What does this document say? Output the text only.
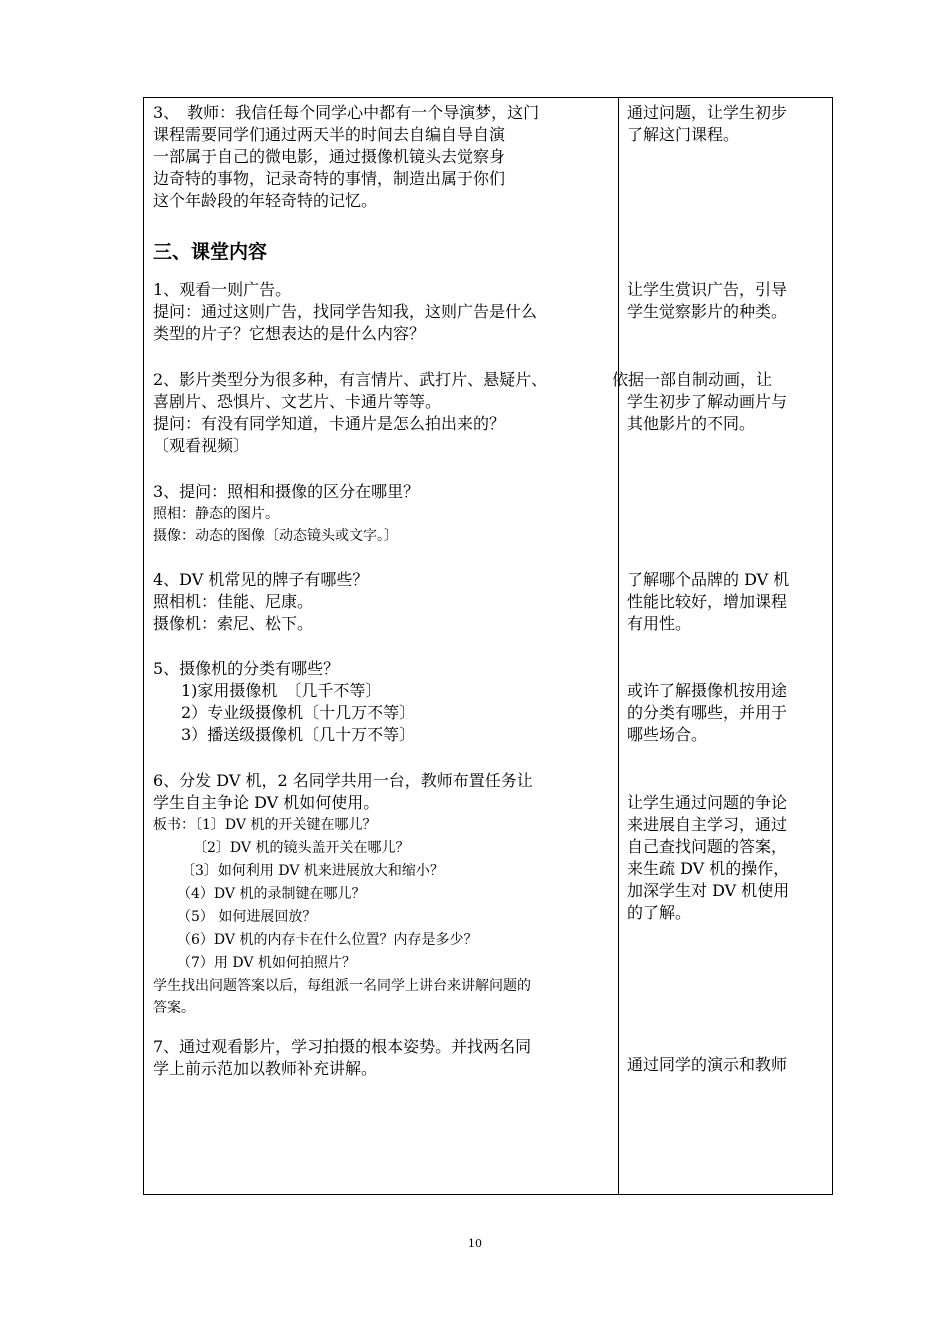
3、　教师：我信任每个同学心中都有一个导演梦，这门
课程需要同学们通过两天半的时间去自编自导自演
一部属于自己的微电影，通过摄像机镜头去觉察身
边奇特的事物，记录奇特的事情，制造出属于你们
这个年龄段的年轻奇特的记忆。
三、课堂内容
1、观看一则广告。
提问：通过这则广告，找同学告知我，这则广告是什么
类型的片子？它想表达的是什么内容？
2、影片类型分为很多种，有言情片、武打片、悬疑片、
喜剧片、恐惧片、文艺片、卡通片等等。
提问：有没有同学知道，卡通片是怎么拍出来的？
〔观看视频〕
3、提问：照相和摄像的区分在哪里？
照相：静态的图片。
摄像：动态的图像〔动态镜头或文字。〕
4、DV 机常见的牌子有哪些？
照相机：佳能、尼康。
摄像机：索尼、松下。
5、摄像机的分类有哪些？
1)家用摄像机　〔几千不等〕
2）专业级摄像机〔十几万不等〕
3）播送级摄像机〔几十万不等〕
6、分发 DV 机，2 名同学共用一台，教师布置任务让
学生自主争论 DV 机如何使用。
板书：〔1〕DV 机的开关键在哪儿？
〔2〕DV 机的镜头盖开关在哪儿？
〔3〕如何利用 DV 机来进展放大和缩小？
（4）DV 机的录制键在哪儿？
（5） 如何进展回放？
（6）DV 机的内存卡在什么位置？内存是多少？
（7）用 DV 机如何拍照片？
学生找出问题答案以后，每组派一名同学上讲台来讲解问题的
答案。
7、通过观看影片，学习拍摄的根本姿势。并找两名同
学上前示范加以教师补充讲解。
通过问题，让学生初步
了解这门课程。
让学生赏识广告，引导
学生觉察影片的种类。
依据一部自制动画，让
学生初步了解动画片与
其他影片的不同。
了解哪个品牌的 DV 机
性能比较好，增加课程
有用性。
或许了解摄像机按用途
的分类有哪些，并用于
哪些场合。
让学生通过问题的争论
来进展自主学习，通过
自己查找问题的答案，
来生疏 DV 机的操作，
加深学生对 DV 机使用
的了解。
通过同学的演示和教师
10
